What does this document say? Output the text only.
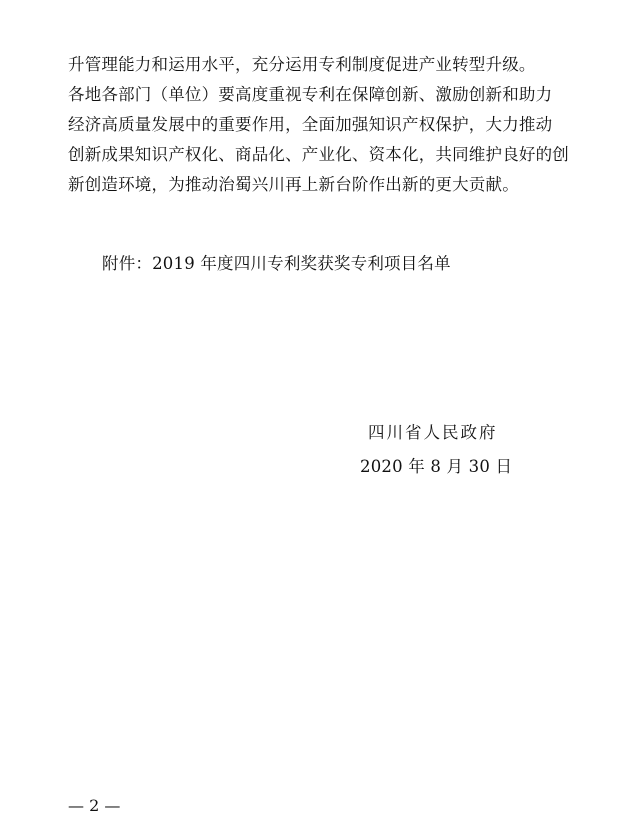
升管理能力和运用水平，充分运用专利制度促进产业转型升级。
各地各部门（单位）要高度重视专利在保障创新、激励创新和助力
经济高质量发展中的重要作用，全面加强知识产权保护，大力推动
创新成果知识产权化、商品化、产业化、资本化，共同维护良好的创
新创造环境，为推动治蜀兴川再上新台阶作出新的更大贡献。
附件：2019 年度四川专利奖获奖专利项目名单
四川省人民政府
2020 年 8 月 30 日
— 2 —
